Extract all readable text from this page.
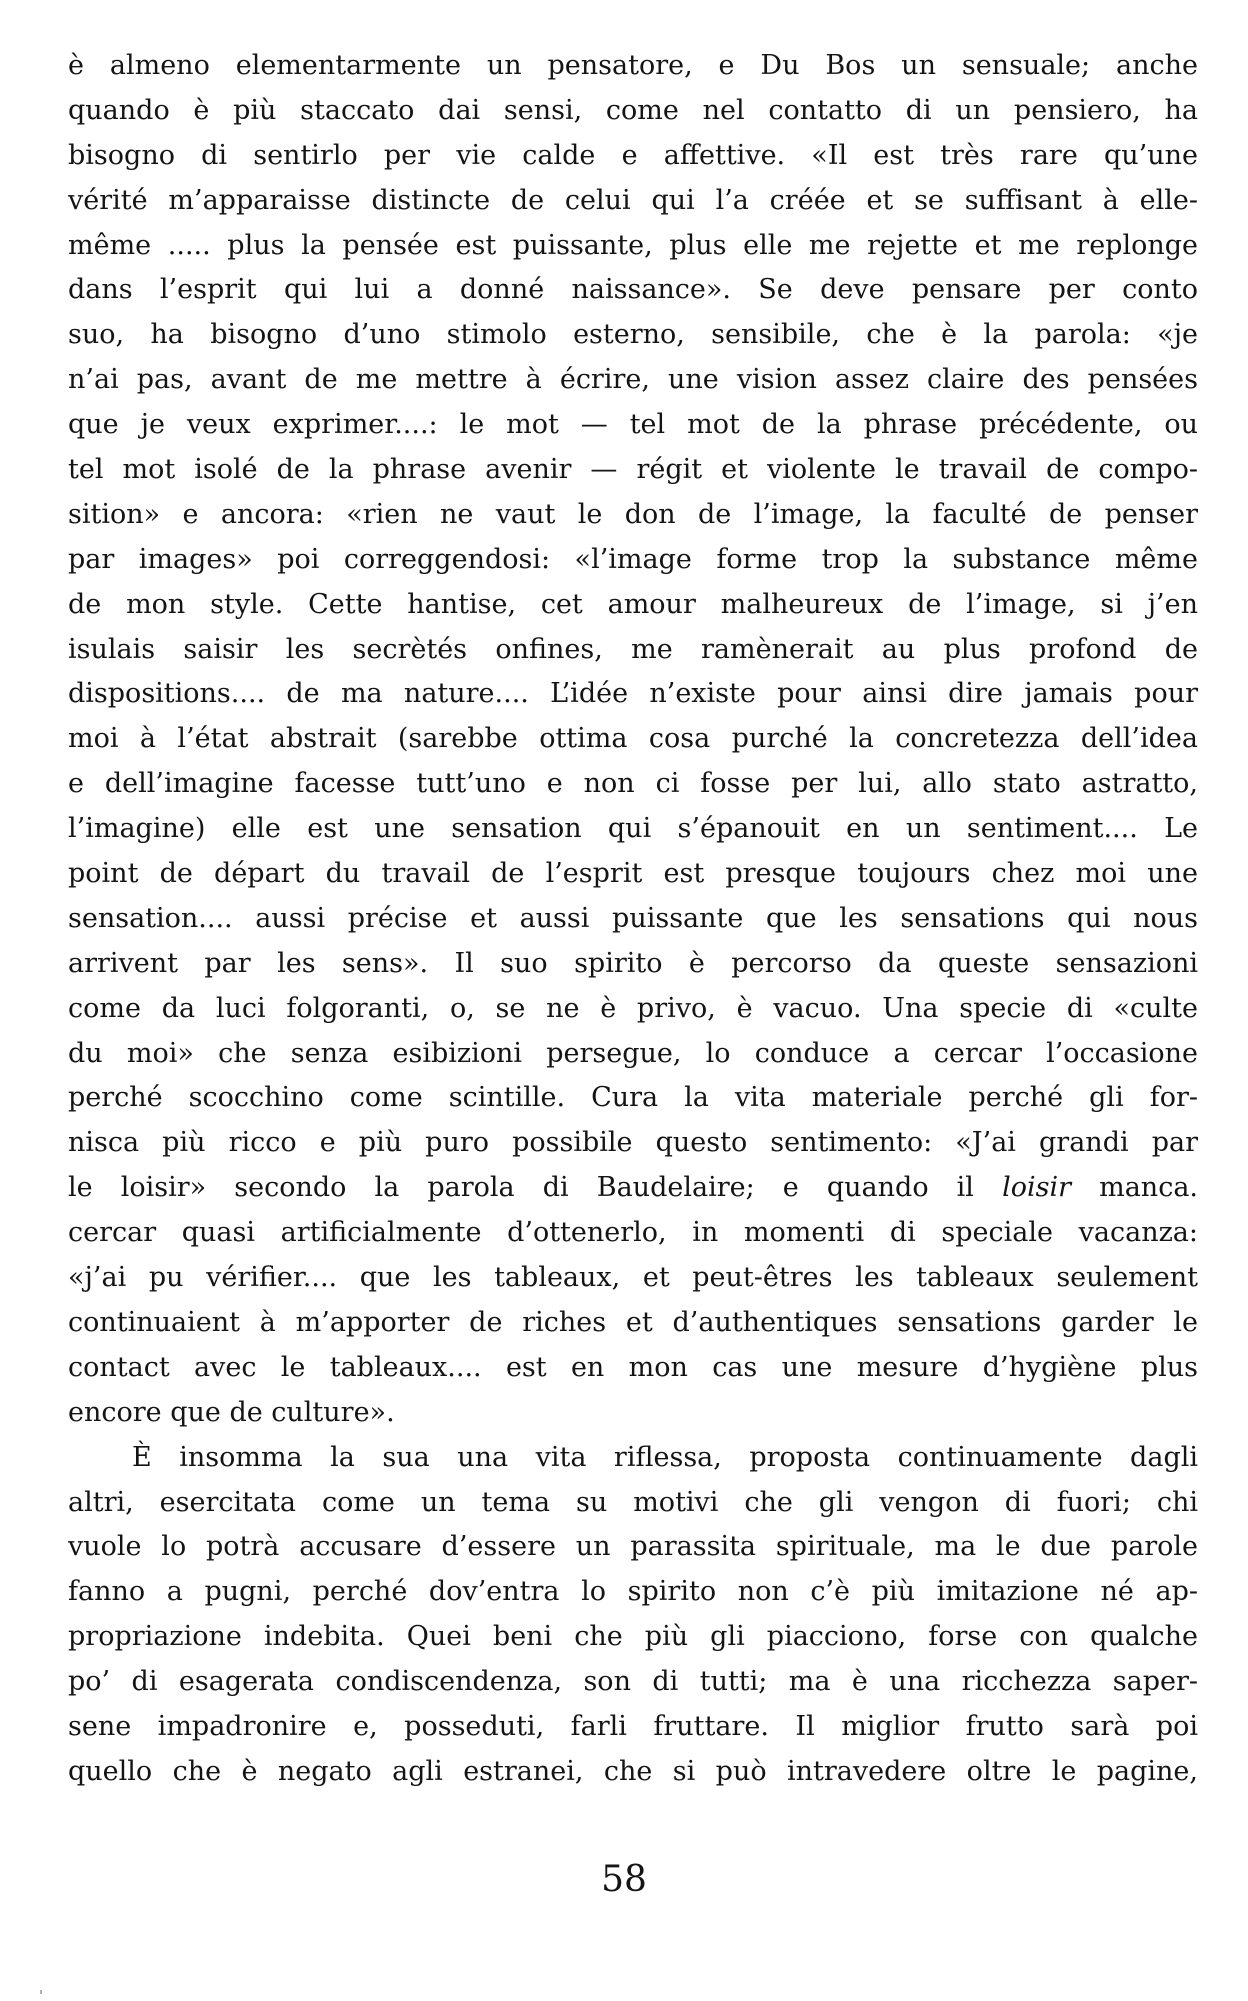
è almeno elementarmente un pensatore, e Du Bos un sensuale; anche
quando è più staccato dai sensi, come nel contatto di un pensiero, ha
bisogno di sentirlo per vie calde e affettive. «Il est très rare qu’une
vérité m’apparaisse distincte de celui qui l’a créée et se suffisant à elle-
même ..... plus la pensée est puissante, plus elle me rejette et me replonge
dans l’esprit qui lui a donné naissance». Se deve pensare per conto
suo, ha bisogno d’uno stimolo esterno, sensibile, che è la parola: «je
n’ai pas, avant de me mettre à écrire, une vision assez claire des pensées
que je veux exprimer....: le mot — tel mot de la phrase précédente, ou
tel mot isolé de la phrase avenir — régit et violente le travail de compo-
sition» e ancora: «rien ne vaut le don de l’image, la faculté de penser
par images» poi correggendosi: «l’image forme trop la substance même
de mon style. Cette hantise, cet amour malheureux de l’image, si j’en
isulais saisir les secrètés onfines, me ramènerait au plus profond de
dispositions.... de ma nature.... L’idée n’existe pour ainsi dire jamais pour
moi à l’état abstrait (sarebbe ottima cosa purché la concretezza dell’idea
e dell’imagine facesse tutt’uno e non ci fosse per lui, allo stato astratto,
l’imagine) elle est une sensation qui s’épanouit en un sentiment.... Le
point de départ du travail de l’esprit est presque toujours chez moi une
sensation.... aussi précise et aussi puissante que les sensations qui nous
arrivent par les sens». Il suo spirito è percorso da queste sensazioni
come da luci folgoranti, o, se ne è privo, è vacuo. Una specie di «culte
du moi» che senza esibizioni persegue, lo conduce a cercar l’occasione
perché scocchino come scintille. Cura la vita materiale perché gli for-
nisca più ricco e più puro possibile questo sentimento: «J’ai grandi par
le loisir» secondo la parola di Baudelaire; e quando il loisir manca.
cercar quasi artificialmente d’ottenerlo, in momenti di speciale vacanza:
«j’ai pu vérifier.... que les tableaux, et peut-êtres les tableaux seulement
continuaient à m’apporter de riches et d’authentiques sensations garder le
contact avec le tableaux.... est en mon cas une mesure d’hygiène plus
encore que de culture».
È insomma la sua una vita riflessa, proposta continuamente dagli
altri, esercitata come un tema su motivi che gli vengon di fuori; chi
vuole lo potrà accusare d’essere un parassita spirituale, ma le due parole
fanno a pugni, perché dov’entra lo spirito non c’è più imitazione né ap-
propriazione indebita. Quei beni che più gli piacciono, forse con qualche
po’ di esagerata condiscendenza, son di tutti; ma è una ricchezza saper-
sene impadronire e, posseduti, farli fruttare. Il miglior frutto sarà poi
quello che è negato agli estranei, che si può intravedere oltre le pagine,
58
